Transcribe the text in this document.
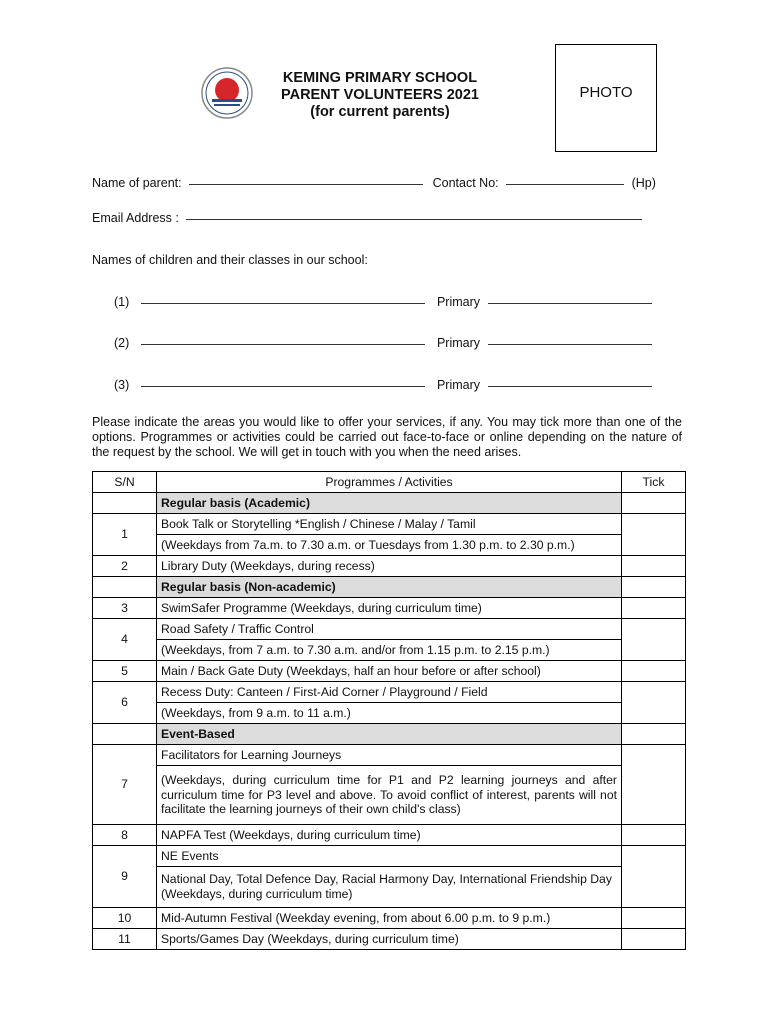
KEMING PRIMARY SCHOOL
PARENT VOLUNTEERS 2021
(for current parents)
PHOTO
Name of parent:	Contact No:	(Hp)
Email Address :
Names of children and their classes in our school:
(1)	Primary
(2)	Primary
(3)	Primary
Please indicate the areas you would like to offer your services, if any. You may tick more than one of the options. Programmes or activities could be carried out face-to-face or online depending on the nature of the request by the school. We will get in touch with you when the need arises.
S/N	Programmes / Activities	Tick
	Regular basis (Academic)	
1	Book Talk or Storytelling *English / Chinese / Malay / Tamil	
	(Weekdays from 7a.m. to 7.30 a.m. or Tuesdays from 1.30 p.m. to 2.30 p.m.)	
2	Library Duty (Weekdays, during recess)	
	Regular basis (Non-academic)	
3	SwimSafer Programme (Weekdays, during curriculum time)	
4	Road Safety / Traffic Control	
	(Weekdays, from 7 a.m. to 7.30 a.m. and/or from 1.15 p.m. to 2.15 p.m.)	
5	Main / Back Gate Duty (Weekdays, half an hour before or after school)	
6	Recess Duty: Canteen / First-Aid Corner / Playground / Field	
	(Weekdays, from 9 a.m. to 11 a.m.)	
	Event-Based	
7	Facilitators for Learning Journeys	
	(Weekdays, during curriculum time for P1 and P2 learning journeys and after curriculum time for P3 level and above. To avoid conflict of interest, parents will not facilitate the learning journeys of their own child's class)	
8	NAPFA Test (Weekdays, during curriculum time)	
9	NE Events	
	National Day, Total Defence Day, Racial Harmony Day, International Friendship Day (Weekdays, during curriculum time)	
10	Mid-Autumn Festival (Weekday evening, from about 6.00 p.m. to 9 p.m.)	
11	Sports/Games Day (Weekdays, during curriculum time)	
